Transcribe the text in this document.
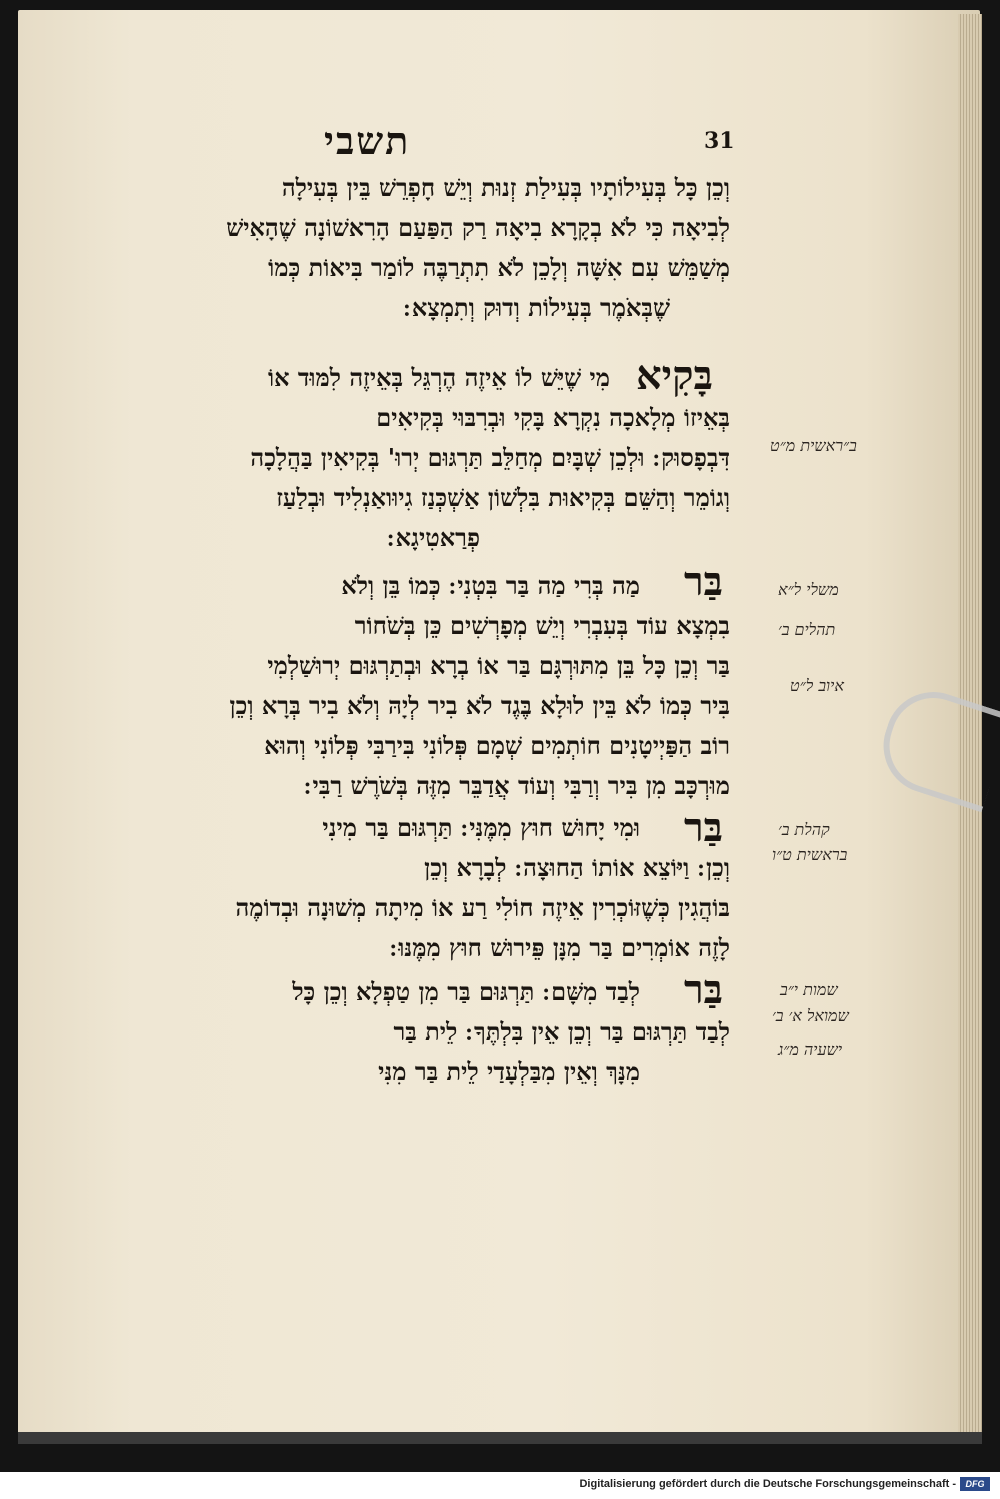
תשבי	31
וְכֵן כָּל בְּעִילוֹתָיו בְּעִילַת זְנוּת וְיֵשׁ חָפְרֵשׁ בֵּין בְּעִילָה
לְבִיאָה כִּי לֹא בְקָרָא בִיאָה רַק הַפַּעַם הָרִאשׁוֹנָה שֶׁהָאִישׁ
מְשַׁמֵּשׁ עִם אִשָּׁה וְלָכֵן לֹא תִתְרַבֶּה לוֹמַר בִּיאוֹת כְּמוֹ
שֶׁבְּאֹמֶר בְּעִילוֹת וְדוּק וְתִמְצָא ׃
בָּקִיא
מִי שֶׁיֵּשׁ לוֹ אֵיזֶה הֶרְגֵּל בְּאֵיזֶה לִמּוּד אוֹ
בְּאֵיזוֹ מְלָאכָה נִקְרָא בָּקִי וּבְרִבּוּי בְּקִיאִים
דִּבְפָסוּק ׃ וּלְכֵן שְׁבָּיִם מְחַלֵּב תַּרְגּוּם יְרוּ' בְּקִיאִין בַּהֲלָכָה
וְגוֹמֵר וְהַשֵּׁם בְּקִיאוּת בִּלְשׁוֹן אַשְׁכְּנַז גִיוּואַנְלִיד וּבְלַעַז
פְרַאטִיגָא ׃
ב״ראשית מ״ט
בַּר
מַה בְּרִי מַה בַּר בִּטְנִי ׃ כְּמוֹ בֵּן וְלֹא
בִמְצָא עוֹד בְּעִבְרִי וְיֵשׁ מְפָרְשִׁים כֵּן בְּשֹׁחוֹר
בַּר וְכֵן כָּל בֵּן מִתּוּרְגָּם בַּר אוֹ בְרָא וּבְתַרְגּוּם יְרוּשַׁלְמִי
בִּיר כְּמוֹ לֹא בֵּין לוּלָא בֶּגֶד לֹא בִיר לְיָהּ וְלֹא בִיר בְּרָא וְכֵן
רוֹב הַפַּיְיטָנִים חוֹתְמִים שְׁמָם פְּלוֹנִי בִּירַבִּי פְּלוֹנִי וְהוּא
מוּרְכָּב מִן בִּיר וְרַבִּי וְעוֹד אֲדַבֵּר מִזֶּה בְּשֹׁרֶשׁ רַבִּי ׃
משלי ל״א
תהלים ב׳
איוב ל״ט
בַּר
וּמִי יָחוּשׁ חוּץ מִמֶּנִּי ׃ תַּרְגּוּם בַּר מִינִי
וְכֵן ׃ וַיּוֹצֵא אוֹתוֹ הַחוּצָה ׃ לְבָרָא וְכֵן
בּוֹהֲגִין כְּשֶׁזּוֹכְרִין אֵיזֶה חוֹלִי רַע אוֹ מִיתָה מְשׁוּנָה וּבְדוֹמֶה
לָזֶה אוֹמְרִים בַּר מִנָּן פֵּירוּשׁ חוּץ מִמֶּנּוּ ׃
קהלת ב׳
בראשית ט״ו
בַּר
לְבַד מִשָּׁם ׃ תַּרְגּוּם בַּר מִן טַפְלָא וְכֵן כָּל
לְבַד תַּרְגּוּם בַּר וְכֵן אֵין בִּלְתֶּךָ ׃ לֵית בַּר
מִנָּךְ וְאֵין מִבַּלְעָדַי לֵית בַּר מִנִּי
שמות י״ב
שמואל א׳ ב׳
ישעיה מ״ג
Digitalisierung gefördert durch die Deutsche Forschungsgemeinschaft -	DFG
